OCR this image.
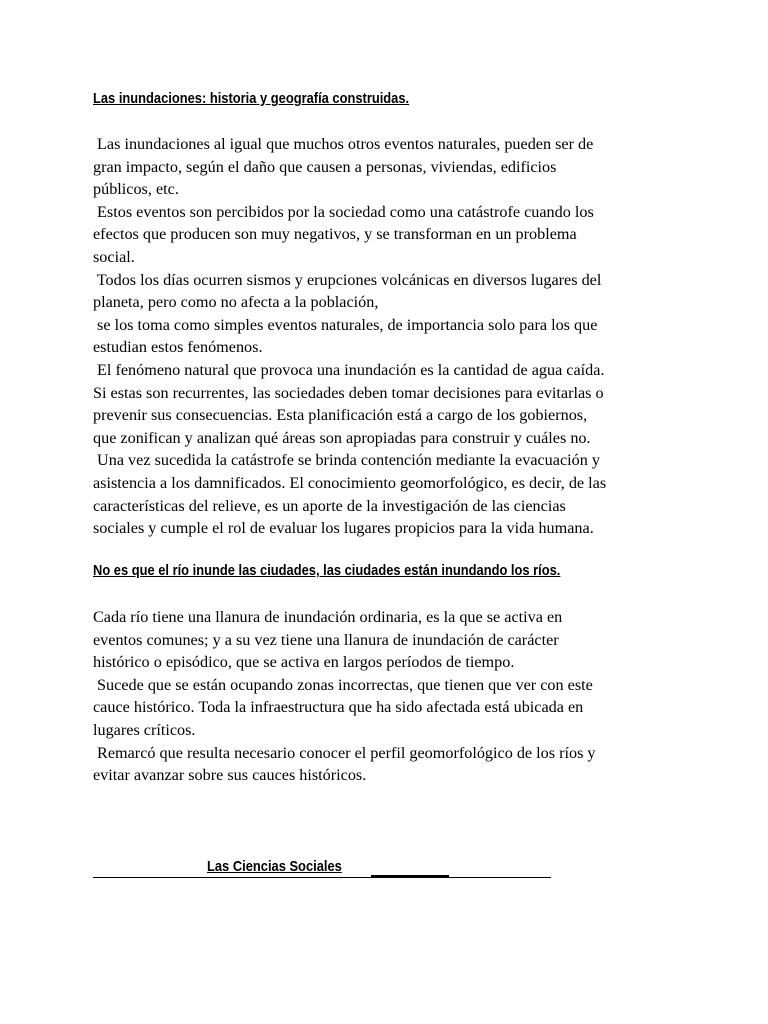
Las inundaciones: historia y geografía construidas.
Las inundaciones al igual que muchos otros eventos naturales, pueden ser de
gran impacto, según el daño que causen a personas, viviendas, edificios
públicos, etc.
Estos eventos son percibidos por la sociedad como una catástrofe cuando los
efectos que producen son muy negativos, y se transforman en un problema
social.
Todos los días ocurren sismos y erupciones volcánicas en diversos lugares del
planeta, pero como no afecta a la población,
se los toma como simples eventos naturales, de importancia solo para los que
estudian estos fenómenos.
El fenómeno natural que provoca una inundación es la cantidad de agua caída.
Si estas son recurrentes, las sociedades deben tomar decisiones para evitarlas o
prevenir sus consecuencias. Esta planificación está a cargo de los gobiernos,
que zonifican y analizan qué áreas son apropiadas para construir y cuáles no.
Una vez sucedida la catástrofe se brinda contención mediante la evacuación y
asistencia a los damnificados. El conocimiento geomorfológico, es decir, de las
características del relieve, es un aporte de la investigación de las ciencias
sociales y cumple el rol de evaluar los lugares propicios para la vida humana.
No es que el río inunde las ciudades, las ciudades están inundando los ríos.
Cada río tiene una llanura de inundación ordinaria, es la que se activa en
eventos comunes; y a su vez tiene una llanura de inundación de carácter
histórico o episódico, que se activa en largos períodos de tiempo.
Sucede que se están ocupando zonas incorrectas, que tienen que ver con este
cauce histórico. Toda la infraestructura que ha sido afectada está ubicada en
lugares críticos.
Remarcó que resulta necesario conocer el perfil geomorfológico de los ríos y
evitar avanzar sobre sus cauces históricos.
Las Ciencias Sociales
